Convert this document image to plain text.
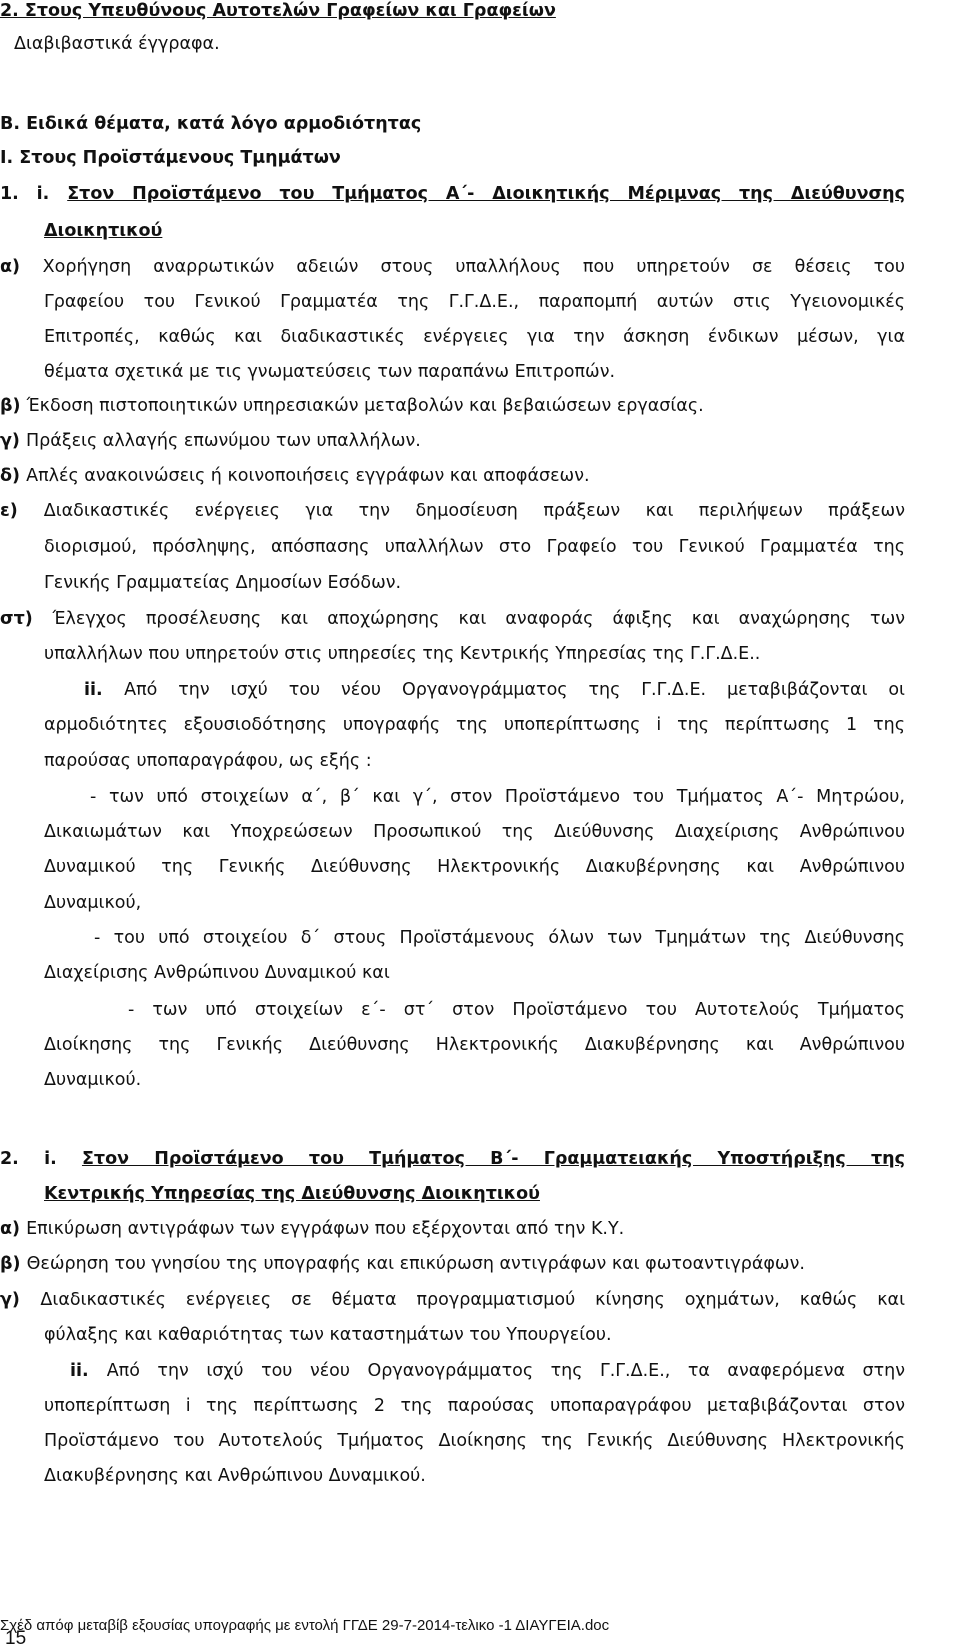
2. Στους Υπευθύνους Αυτοτελών Γραφείων και Γραφείων
Διαβιβαστικά έγγραφα.
Β. Ειδικά θέματα, κατά λόγο αρμοδιότητας
Ι. Στους Προϊστάμενους Τμημάτων
1. i. Στον Προϊστάμενο του Τμήματος Α΄- Διοικητικής Μέριμνας της Διεύθυνσης
Διοικητικού
α) Χορήγηση αναρρωτικών αδειών στους υπαλλήλους που υπηρετούν σε θέσεις του
Γραφείου του Γενικού Γραμματέα της Γ.Γ.Δ.Ε., παραπομπή αυτών στις Υγειονομικές
Επιτροπές, καθώς και διαδικαστικές ενέργειες για την άσκηση ένδικων μέσων, για
θέματα σχετικά με τις γνωματεύσεις των παραπάνω Επιτροπών.
β) Έκδοση πιστοποιητικών υπηρεσιακών μεταβολών και βεβαιώσεων εργασίας.
γ) Πράξεις αλλαγής επωνύμου των υπαλλήλων.
δ) Απλές ανακοινώσεις ή κοινοποιήσεις εγγράφων και αποφάσεων.
ε) Διαδικαστικές ενέργειες για την δημοσίευση πράξεων και περιλήψεων πράξεων
διορισμού, πρόσληψης, απόσπασης υπαλλήλων στο Γραφείο του Γενικού Γραμματέα της
Γενικής Γραμματείας Δημοσίων Εσόδων.
στ) Έλεγχος προσέλευσης και αποχώρησης και αναφοράς άφιξης και αναχώρησης των
υπαλλήλων που υπηρετούν στις υπηρεσίες της Κεντρικής Υπηρεσίας της Γ.Γ.Δ.Ε..
ii. Από την ισχύ του νέου Οργανογράμματος της Γ.Γ.Δ.Ε. μεταβιβάζονται οι
αρμοδιότητες εξουσιοδότησης υπογραφής της υποπερίπτωσης i της περίπτωσης 1 της
παρούσας υποπαραγράφου, ως εξής :
- των υπό στοιχείων α΄, β΄ και γ΄, στον Προϊστάμενο του Τμήματος Α΄- Μητρώου,
Δικαιωμάτων και Υποχρεώσεων Προσωπικού της Διεύθυνσης Διαχείρισης Ανθρώπινου
Δυναμικού της Γενικής Διεύθυνσης Ηλεκτρονικής Διακυβέρνησης και Ανθρώπινου
Δυναμικού,
- του υπό στοιχείου δ΄ στους Προϊστάμενους όλων των Τμημάτων της Διεύθυνσης
Διαχείρισης Ανθρώπινου Δυναμικού και
- των υπό στοιχείων ε΄- στ΄ στον Προϊστάμενο του Αυτοτελούς Τμήματος
Διοίκησης της Γενικής Διεύθυνσης Ηλεκτρονικής Διακυβέρνησης και Ανθρώπινου
Δυναμικού.
2. i. Στον Προϊστάμενο του Τμήματος Β΄- Γραμματειακής Υποστήριξης της
Κεντρικής Υπηρεσίας της Διεύθυνσης Διοικητικού
α) Επικύρωση αντιγράφων των εγγράφων που εξέρχονται από την Κ.Υ.
β) Θεώρηση του γνησίου της υπογραφής και επικύρωση αντιγράφων και φωτοαντιγράφων.
γ) Διαδικαστικές ενέργειες σε θέματα προγραμματισμού κίνησης οχημάτων, καθώς και
φύλαξης και καθαριότητας των καταστημάτων του Υπουργείου.
ii. Από την ισχύ του νέου Οργανογράμματος της Γ.Γ.Δ.Ε., τα αναφερόμενα στην
υποπερίπτωση i της περίπτωσης 2 της παρούσας υποπαραγράφου μεταβιβάζονται στον
Προϊστάμενο του Αυτοτελούς Τμήματος Διοίκησης της Γενικής Διεύθυνσης Ηλεκτρονικής
Διακυβέρνησης και Ανθρώπινου Δυναμικού.
Σχέδ απόφ μεταβίβ εξουσίας υπογραφής με εντολή ΓΓΔΕ 29-7-2014-τελικο -1 ΔΙΑΥΓΕΙΑ.doc
15
